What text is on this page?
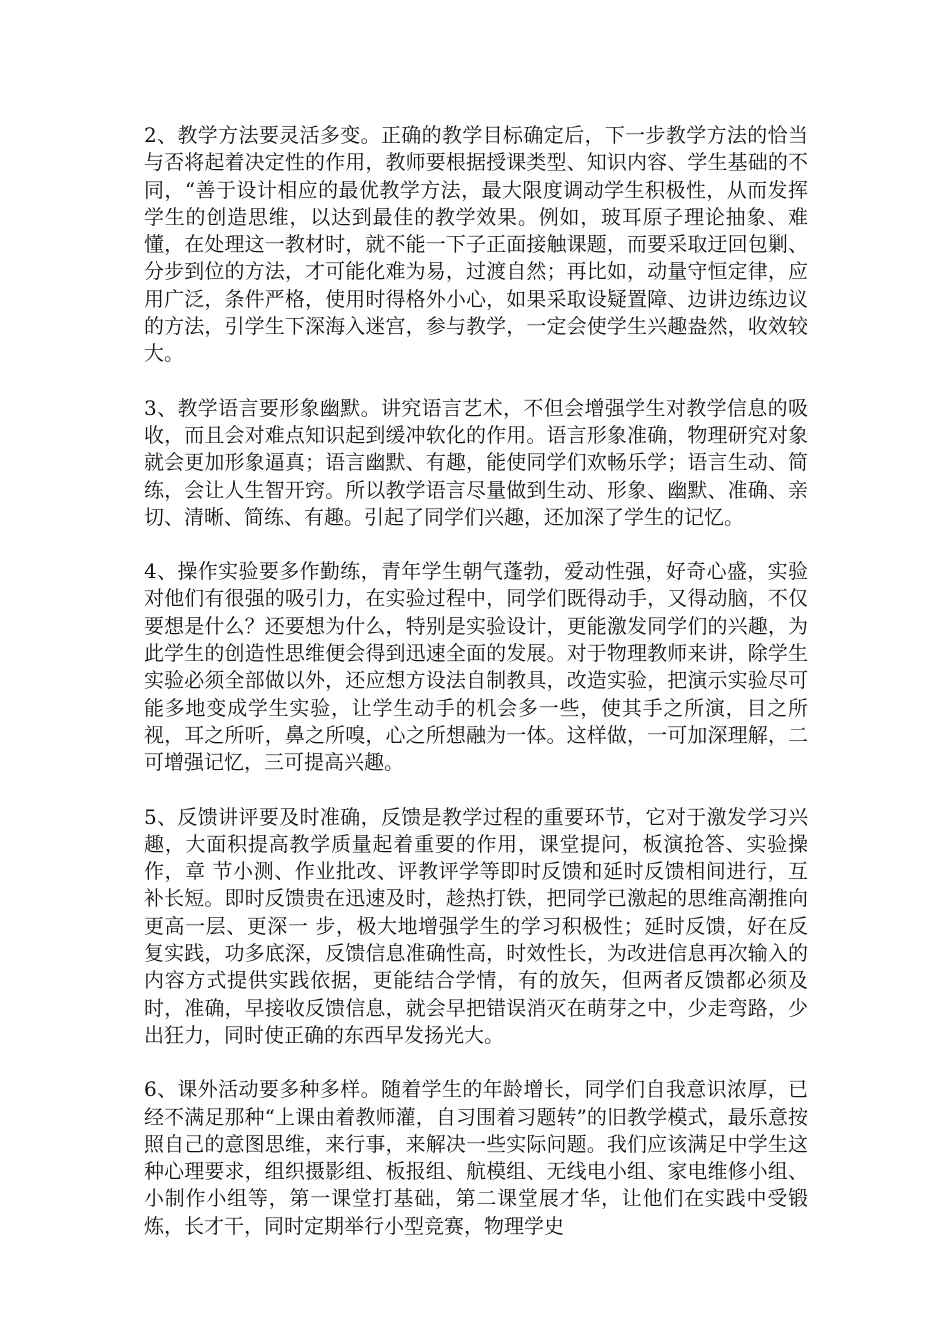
2、教学方法要灵活多变。正确的教学目标确定后，下一步教学方法的恰当与否将起着决定性的作用，教师要根据授课类型、知识内容、学生基础的不同，“善于设计相应的最优教学方法，最大限度调动学生积极性，从而发挥学生的创造思维，以达到最佳的教学效果。例如，玻耳原子理论抽象、难懂，在处理这一教材时，就不能一下子正面接触课题，而要采取迂回包剿、分步到位的方法，才可能化难为易，过渡自然；再比如，动量守恒定律，应用广泛，条件严格，使用时得格外小心，如果采取设疑置障、边讲边练边议的方法，引学生下深海入迷宫，参与教学，一定会使学生兴趣盎然，收效较大。

3、教学语言要形象幽默。讲究语言艺术，不但会增强学生对教学信息的吸收，而且会对难点知识起到缓冲软化的作用。语言形象准确，物理研究对象就会更加形象逼真；语言幽默、有趣，能使同学们欢畅乐学；语言生动、简练，会让人生智开窍。所以教学语言尽量做到生动、形象、幽默、准确、亲切、清晰、简练、有趣。引起了同学们兴趣，还加深了学生的记忆。

4、操作实验要多作勤练，青年学生朝气蓬勃，爱动性强，好奇心盛，实验对他们有很强的吸引力，在实验过程中，同学们既得动手，又得动脑，不仅要想是什么？还要想为什么，特别是实验设计，更能激发同学们的兴趣，为此学生的创造性思维便会得到迅速全面的发展。对于物理教师来讲，除学生实验必须全部做以外，还应想方设法自制教具，改造实验，把演示实验尽可能多地变成学生实验，让学生动手的机会多一些，使其手之所演，目之所视，耳之所听，鼻之所嗅，心之所想融为一体。这样做，一可加深理解，二可增强记忆，三可提高兴趣。

5、反馈讲评要及时准确，反馈是教学过程的重要环节，它对于激发学习兴趣，大面积提高教学质量起着重要的作用，课堂提问，板演抢答、实验操作，章 节小测、作业批改、评教评学等即时反馈和延时反馈相间进行，互补长短。即时反馈贵在迅速及时，趁热打铁，把同学已激起的思维高潮推向更高一层、更深一 步，极大地增强学生的学习积极性；延时反馈，好在反复实践，功多底深，反馈信息准确性高，时效性长，为改进信息再次输入的内容方式提供实践依据，更能结合学情，有的放矢，但两者反馈都必须及时，准确，早接收反馈信息，就会早把错误消灭在萌芽之中，少走弯路，少出狂力，同时使正确的东西早发扬光大。

6、课外活动要多种多样。随着学生的年龄增长，同学们自我意识浓厚，已经不满足那种“上课由着教师灌，自习围着习题转”的旧教学模式，最乐意按照自己的意图思维，来行事，来解决一些实际问题。我们应该满足中学生这种心理要求，组织摄影组、板报组、航模组、无线电小组、家电维修小组、小制作小组等，第一课堂打基础，第二课堂展才华，让他们在实践中受锻炼，长才干，同时定期举行小型竞赛，物理学史
